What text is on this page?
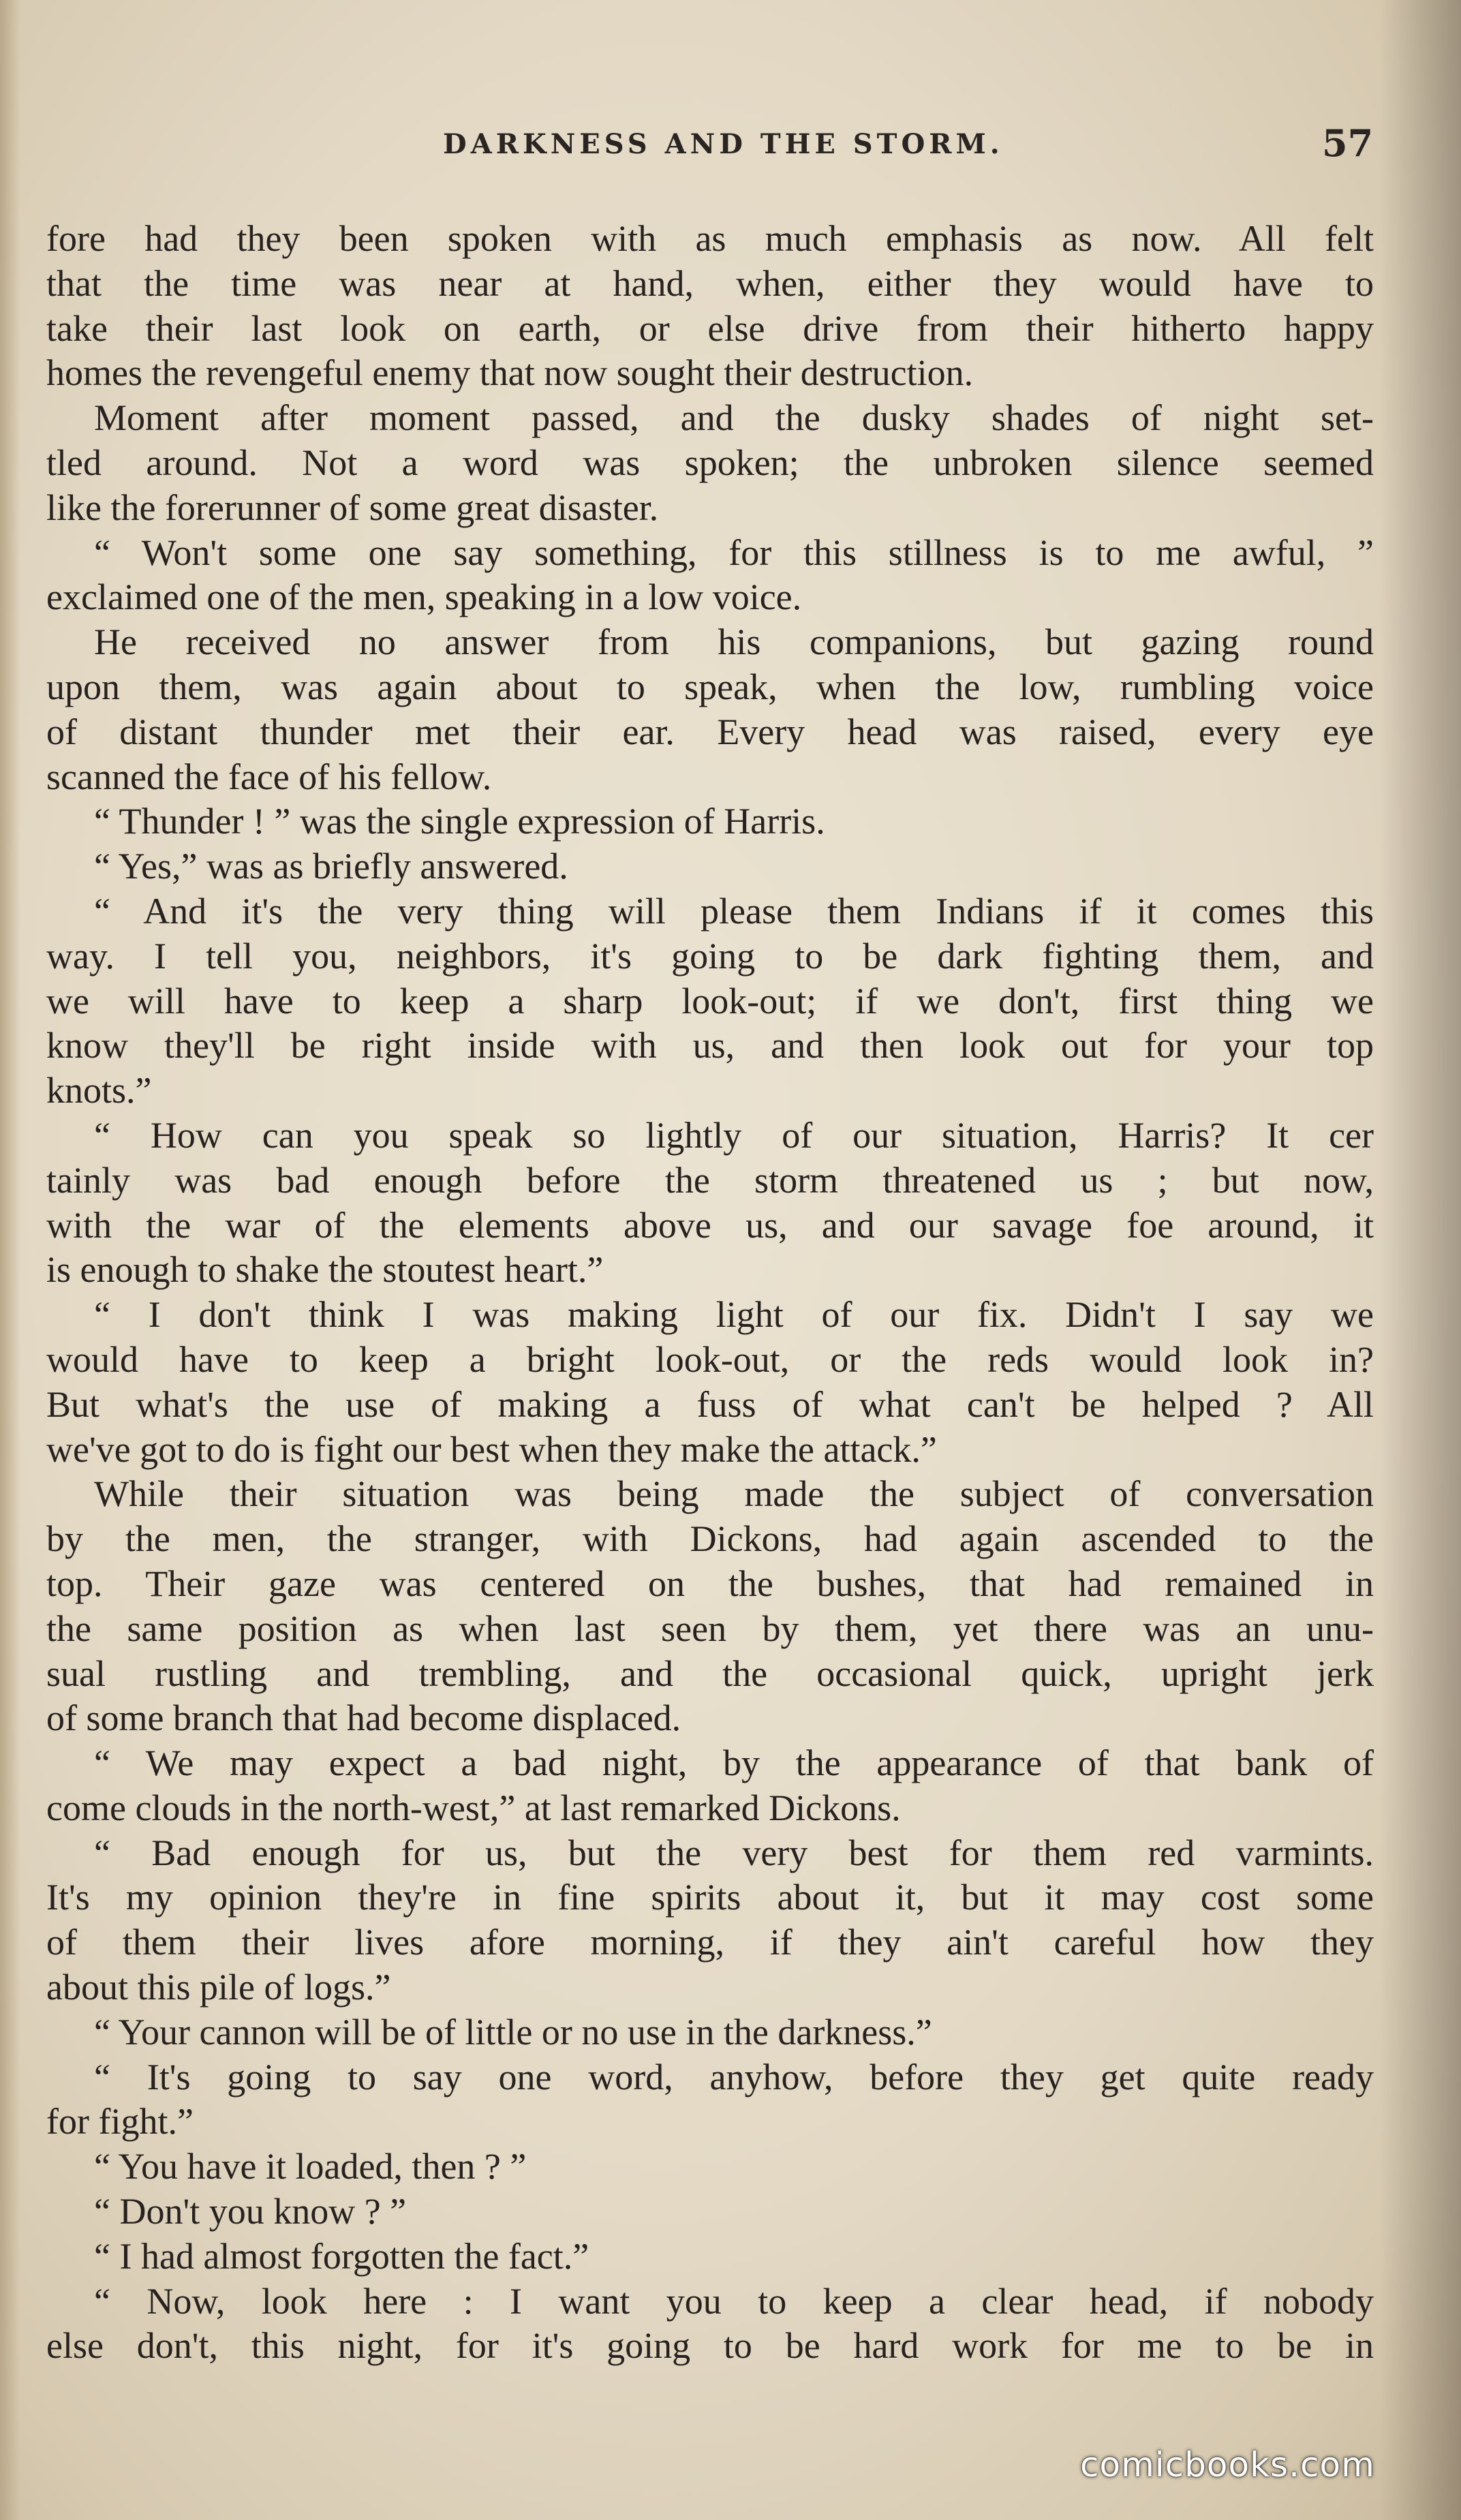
DARKNESS AND THE STORM.	57
fore had they been spoken with as much emphasis as now. All felt
that the time was near at hand, when, either they would have to
take their last look on earth, or else drive from their hitherto happy
homes the revengeful enemy that now sought their destruction.
Moment after moment passed, and the dusky shades of night set-
tled around. Not a word was spoken; the unbroken silence seemed
like the forerunner of some great disaster.
“ Won't some one say something, for this stillness is to me awful, ”
exclaimed one of the men, speaking in a low voice.
He received no answer from his companions, but gazing round
upon them, was again about to speak, when the low, rumbling voice
of distant thunder met their ear. Every head was raised, every eye
scanned the face of his fellow.
“ Thunder ! ” was the single expression of Harris.
“ Yes,” was as briefly answered.
“ And it's the very thing will please them Indians if it comes this
way. I tell you, neighbors, it's going to be dark fighting them, and
we will have to keep a sharp look-out; if we don't, first thing we
know they'll be right inside with us, and then look out for your top
knots.”
“ How can you speak so lightly of our situation, Harris? It cer
tainly was bad enough before the storm threatened us ; but now,
with the war of the elements above us, and our savage foe around, it
is enough to shake the stoutest heart.”
“ I don't think I was making light of our fix. Didn't I say we
would have to keep a bright look-out, or the reds would look in?
But what's the use of making a fuss of what can't be helped ? All
we've got to do is fight our best when they make the attack.”
While their situation was being made the subject of conversation
by the men, the stranger, with Dickons, had again ascended to the
top. Their gaze was centered on the bushes, that had remained in
the same position as when last seen by them, yet there was an unu-
sual rustling and trembling, and the occasional quick, upright jerk
of some branch that had become displaced.
“ We may expect a bad night, by the appearance of that bank of
come clouds in the north-west,” at last remarked Dickons.
“ Bad enough for us, but the very best for them red varmints.
It's my opinion they're in fine spirits about it, but it may cost some
of them their lives afore morning, if they ain't careful how they
about this pile of logs.”
“ Your cannon will be of little or no use in the darkness.”
“ It's going to say one word, anyhow, before they get quite ready
for fight.”
“ You have it loaded, then ? ”
“ Don't you know ? ”
“ I had almost forgotten the fact.”
“ Now, look here : I want you to keep a clear head, if nobody
else don't, this night, for it's going to be hard work for me to be in
comicbooks.com
